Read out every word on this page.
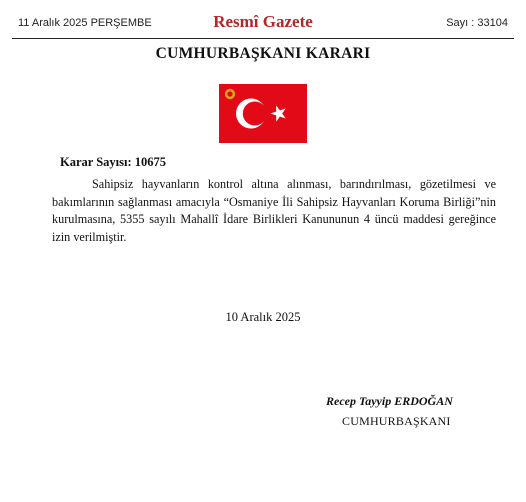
11 Aralık 2025 PERŞEMBE	Resmî Gazete	Sayı : 33104
CUMHURBAŞKANI KARARI
Karar Sayısı: 10675
Sahipsiz hayvanların kontrol altına alınması, barındırılması, gözetilmesi ve bakımlarının sağlanması amacıyla “Osmaniye İli Sahipsiz Hayvanları Koruma Birliği”nin kurulmasına, 5355 sayılı Mahallî İdare Birlikleri Kanununun 4 üncü maddesi gereğince izin verilmiştir.
10 Aralık 2025
Recep Tayyip ERDOĞAN
CUMHURBAŞKANI
